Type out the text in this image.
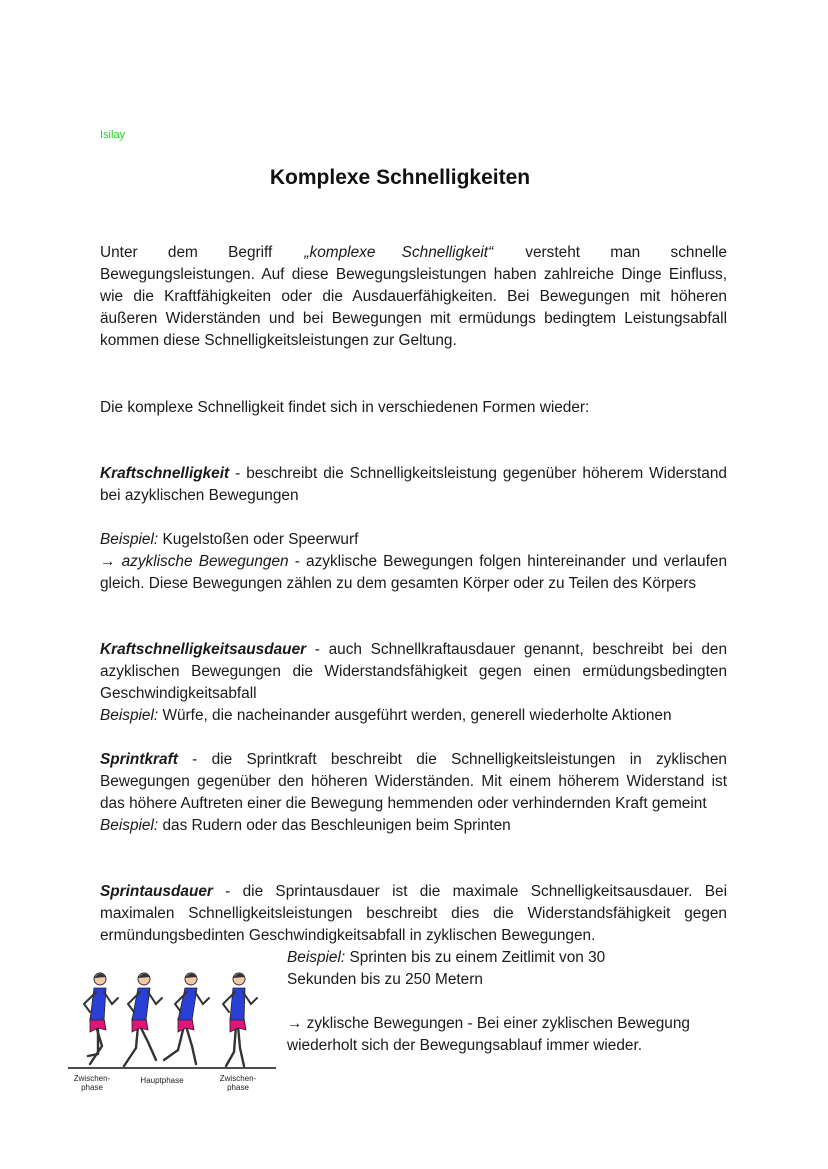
Isilay
Komplexe Schnelligkeiten

Unter dem Begriff „komplexe Schnelligkeit“ versteht man schnelle

Bewegungsleistungen. Auf diese Bewegungsleistungen haben zahlreiche Dinge Einfluss, wie die Kraftfähigkeiten oder die Ausdauerfähigkeiten. Bei Bewegungen mit höheren äußeren Widerständen und bei Bewegungen mit ermüdungs bedingtem Leistungsabfall kommen diese Schnelligkeitsleistungen zur Geltung.

Die komplexe Schnelligkeit findet sich in verschiedenen Formen wieder:

Kraftschnelligkeit - beschreibt die Schnelligkeitsleistung gegenüber höherem Widerstand bei azyklischen Bewegungen

Beispiel: Kugelstoßen oder Speerwurf

→ azyklische Bewegungen - azyklische Bewegungen folgen hintereinander und verlaufen gleich. Diese Bewegungen zählen zu dem gesamten Körper oder zu Teilen des Körpers

Kraftschnelligkeitsausdauer - auch Schnellkraftausdauer genannt, beschreibt bei den azyklischen Bewegungen die Widerstandsfähigkeit gegen einen ermüdungsbedingten Geschwindigkeitsabfall

Beispiel: Würfe, die nacheinander ausgeführt werden, generell wiederholte Aktionen

Sprintkraft - die Sprintkraft beschreibt die Schnelligkeitsleistungen in zyklischen Bewegungen gegenüber den höheren Widerständen. Mit einem höherem Widerstand ist das höhere Auftreten einer die Bewegung hemmenden oder verhindernden Kraft gemeint

Beispiel: das Rudern oder das Beschleunigen beim Sprinten

Sprintausdauer - die Sprintausdauer ist die maximale Schnelligkeitsausdauer. Bei maximalen Schnelligkeitsleistungen beschreibt dies die Widerstandsfähigkeit gegen ermündungsbedinten Geschwindigkeitsabfall in zyklischen Bewegungen.

Beispiel: Sprinten bis zu einem Zeitlimit von 30 Sekunden bis zu 250 Metern
→ zyklische Bewegungen - Bei einer zyklischen Bewegung wiederholt sich der Bewegungsablauf immer wieder.
Zwischen-
phase
Hauptphase	Zwischen-
phase
